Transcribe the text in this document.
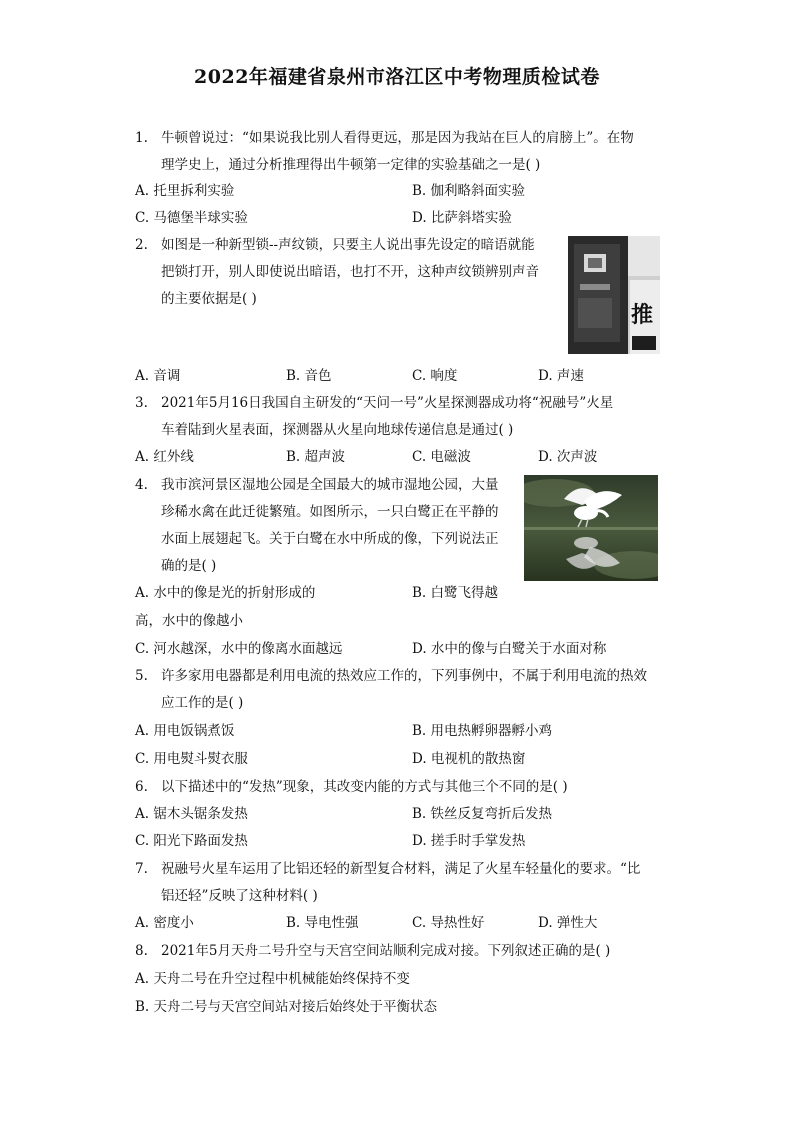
2022年福建省泉州市洛江区中考物理质检试卷
1. 牛顿曾说过：“如果说我比别人看得更远，那是因为我站在巨人的肩膀上”。在物
理学史上，通过分析推理得出牛顿第一定律的实验基础之一是( )
A. 托里拆利实验	B. 伽利略斜面实验
C. 马德堡半球实验	D. 比萨斜塔实验
2. 如图是一种新型锁--声纹锁，只要主人说出事先设定的暗语就能
把锁打开，别人即使说出暗语，也打不开，这种声纹锁辨别声音
的主要依据是( )
推
A. 音调	B. 音色	C. 响度	D. 声速
3. 2021年5月16日我国自主研发的“天问一号”火星探测器成功将“祝融号”火星
车着陆到火星表面，探测器从火星向地球传递信息是通过( )
A. 红外线	B. 超声波	C. 电磁波	D. 次声波
4. 我市滨河景区湿地公园是全国最大的城市湿地公园，大量
珍稀水禽在此迁徙繁殖。如图所示，一只白鹭正在平静的
水面上展翅起飞。关于白鹭在水中所成的像，下列说法正
确的是( )
A. 水中的像是光的折射形成的	B. 白鹭飞得越
高，水中的像越小
C. 河水越深，水中的像离水面越远	D. 水中的像与白鹭关于水面对称
5. 许多家用电器都是利用电流的热效应工作的，下列事例中，不属于利用电流的热效
应工作的是( )
A. 用电饭锅煮饭	B. 用电热孵卵器孵小鸡
C. 用电熨斗熨衣服	D. 电视机的散热窗
6. 以下描述中的“发热”现象，其改变内能的方式与其他三个不同的是( )
A. 锯木头锯条发热	B. 铁丝反复弯折后发热
C. 阳光下路面发热	D. 搓手时手掌发热
7. 祝融号火星车运用了比铝还轻的新型复合材料，满足了火星车轻量化的要求。“比
铝还轻”反映了这种材料( )
A. 密度小	B. 导电性强	C. 导热性好	D. 弹性大
8. 2021年5月天舟二号升空与天宫空间站顺利完成对接。下列叙述正确的是( )
A. 天舟二号在升空过程中机械能始终保持不变
B. 天舟二号与天宫空间站对接后始终处于平衡状态
